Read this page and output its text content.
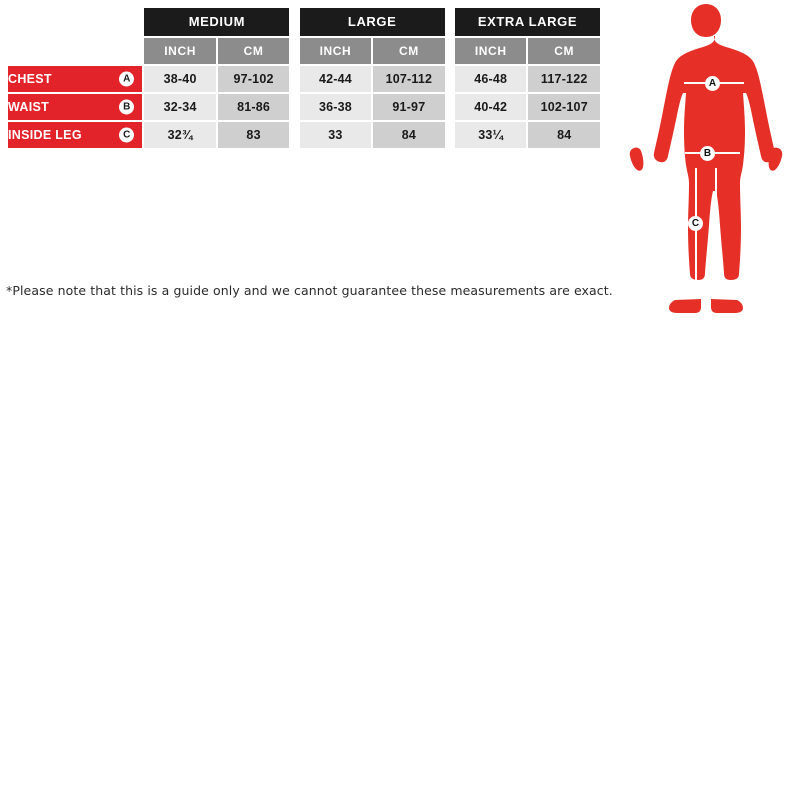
	MEDIUM			LARGE			EXTRA LARGE	
	INCH	CM		INCH	CM		INCH	CM
CHEST A	38-40	97-102		42-44	107-112		46-48	117-122
WAIST B	32-34	81-86		36-38	91-97		40-42	102-107
INSIDE LEG C	32¾	83		33	84		33¼	84
*Please note that this is a guide only and we cannot guarantee these measurements are exact.
A
B
C
